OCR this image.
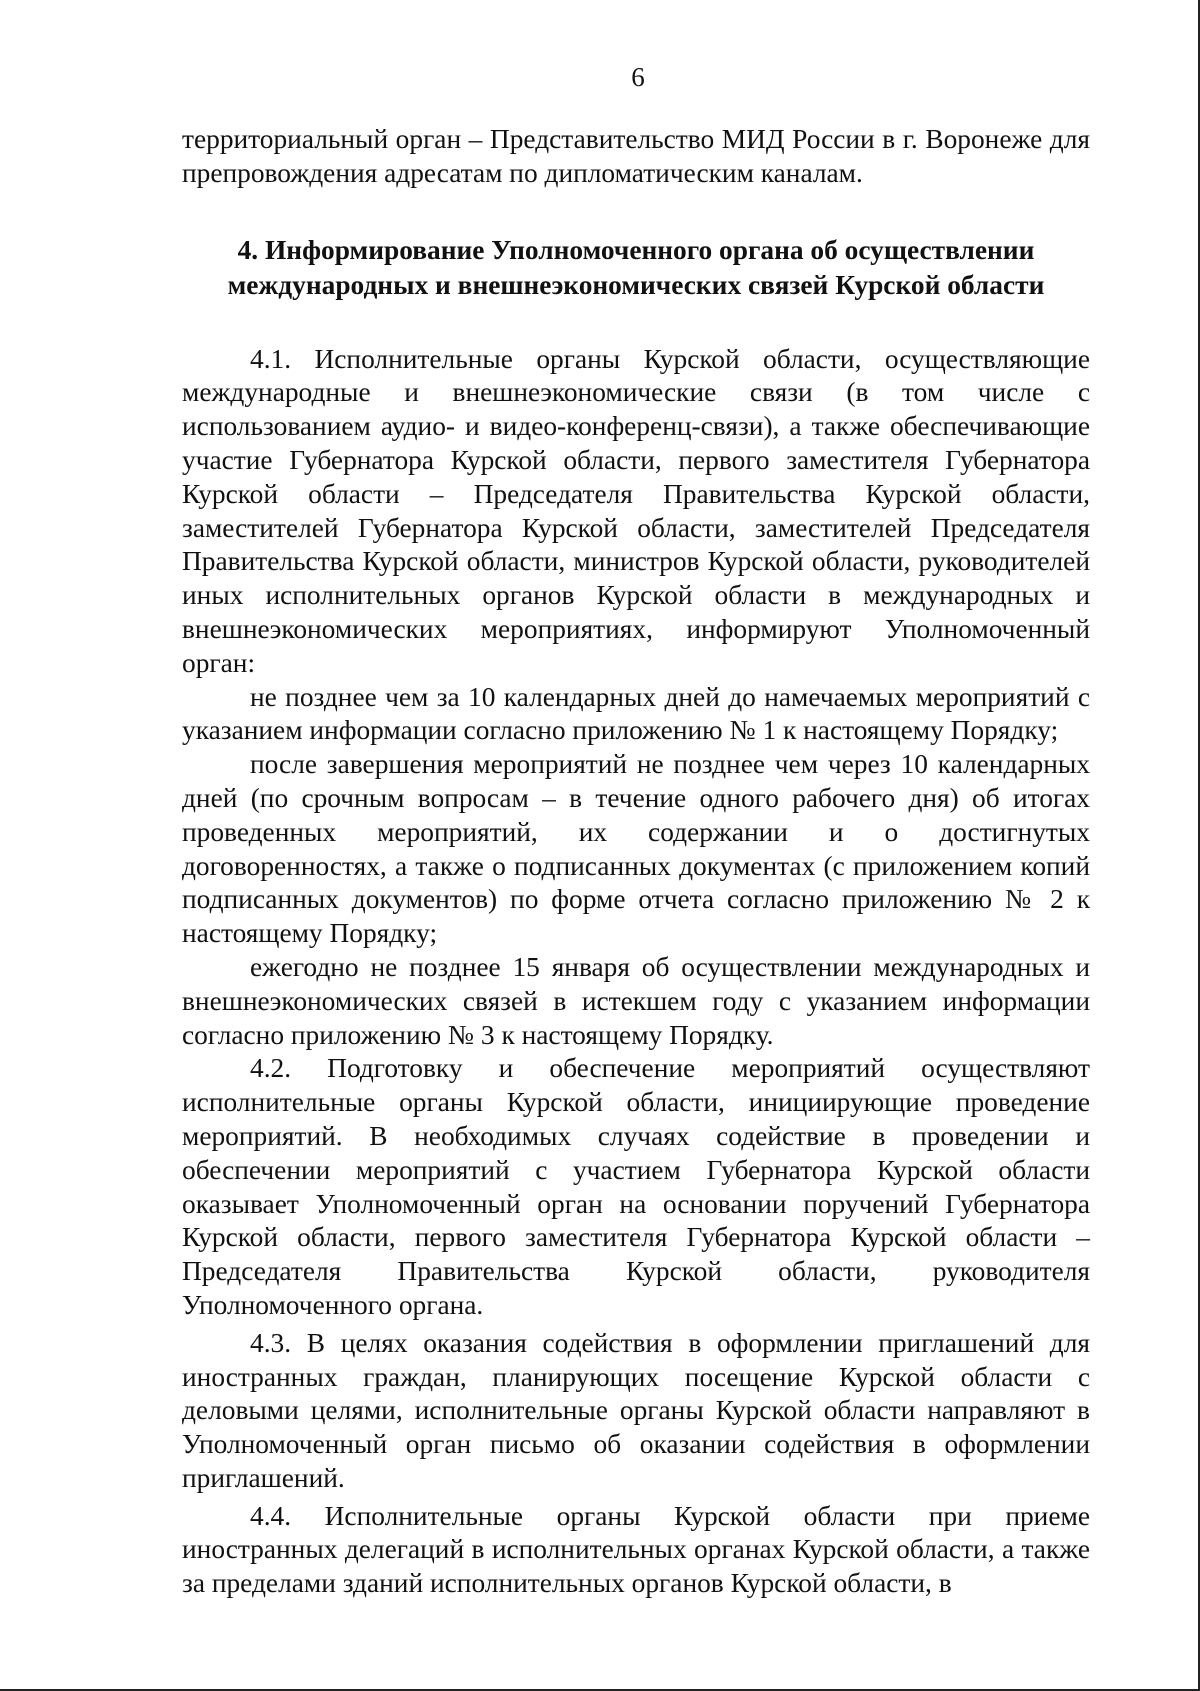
6

территориальный орган – Представительство МИД России в г. Воронеже для препровождения адресатам по дипломатическим каналам.

4. Информирование Уполномоченного органа об осуществлении международных и внешнеэкономических связей Курской области

4.1. Исполнительные органы Курской области, осуществляющие международные и внешнеэкономические связи (в том числе с использованием аудио- и видео-конференц-связи), а также обеспечивающие участие Губернатора Курской области, первого заместителя Губернатора Курской области – Председателя Правительства Курской области, заместителей Губернатора Курской области, заместителей Председателя Правительства Курской области, министров Курской области, руководителей иных исполнительных органов Курской области в международных и внешнеэкономических мероприятиях, информируют Уполномоченный орган:

не позднее чем за 10 календарных дней до намечаемых мероприятий с указанием информации согласно приложению № 1 к настоящему Порядку;

после завершения мероприятий не позднее чем через 10 календарных дней (по срочным вопросам – в течение одного рабочего дня) об итогах проведенных мероприятий, их содержании и о достигнутых договоренностях, а также о подписанных документах (с приложением копий подписанных документов) по форме отчета согласно приложению № 2 к настоящему Порядку;

ежегодно не позднее 15 января об осуществлении международных и внешнеэкономических связей в истекшем году с указанием информации согласно приложению № 3 к настоящему Порядку.

4.2. Подготовку и обеспечение мероприятий осуществляют исполнительные органы Курской области, инициирующие проведение мероприятий. В необходимых случаях содействие в проведении и обеспечении мероприятий с участием Губернатора Курской области оказывает Уполномоченный орган на основании поручений Губернатора Курской области, первого заместителя Губернатора Курской области – Председателя Правительства Курской области, руководителя Уполномоченного органа.

4.3. В целях оказания содействия в оформлении приглашений для иностранных граждан, планирующих посещение Курской области с деловыми целями, исполнительные органы Курской области направляют в Уполномоченный орган письмо об оказании содействия в оформлении приглашений.

4.4. Исполнительные органы Курской области при приеме иностранных делегаций в исполнительных органах Курской области, а также за пределами зданий исполнительных органов Курской области, в
